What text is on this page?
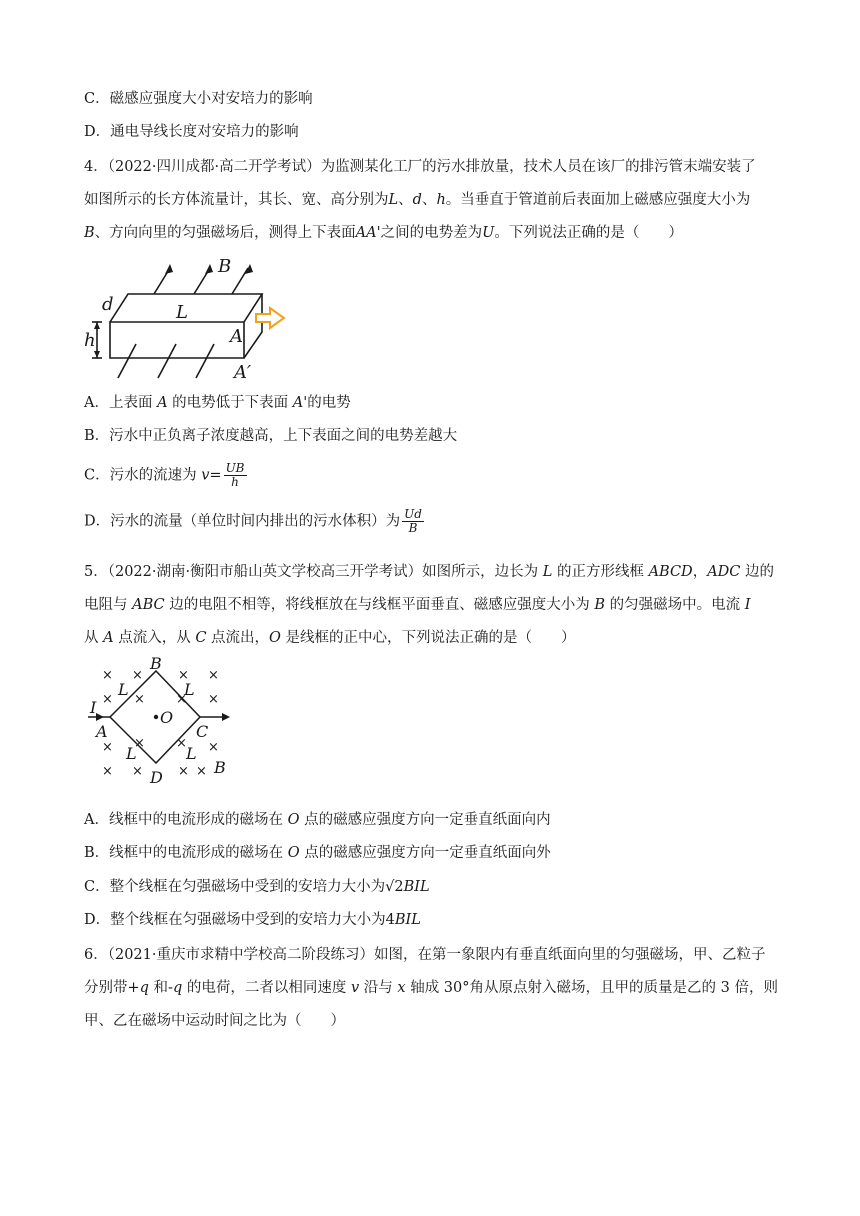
C．磁感应强度大小对安培力的影响
D．通电导线长度对安培力的影响
4．（2022·四川成都·高二开学考试）为监测某化工厂的污水排放量，技术人员在该厂的排污管末端安装了
如图所示的长方体流量计，其长、宽、高分别为L、d、h。当垂直于管道前后表面加上磁感应强度大小为
B、方向向里的匀强磁场后，测得上下表面AA'之间的电势差为U。下列说法正确的是（　　）
B
d	L
h	A
A′
A．上表面 A 的电势低于下表面 A'的电势
B．污水中正负离子浓度越高，上下表面之间的电势差越大
C．污水的流速为 $v= \frac{UB}{h}$
D．污水的流量（单位时间内排出的污水体积）为 $\frac{Ud}{B}$
5．（2022·湖南·衡阳市船山英文学校高三开学考试）如图所示，边长为 L 的正方形线框 ABCD，ADC 边的
电阻与 ABC 边的电阻不相等，将线框放在与线框平面垂直、磁感应强度大小为 B 的匀强磁场中。电流 I
从 A 点流入，从 C 点流出，O 是线框的正中心，下列说法正确的是（　　）
× ×	× ×
× × × ×
× × × ×
× ×	× ×
B
I
A	C
D
O
L	L
L	L
B
A．线框中的电流形成的磁场在 O 点的磁感应强度方向一定垂直纸面向内
B．线框中的电流形成的磁场在 O 点的磁感应强度方向一定垂直纸面向外
C．整个线框在匀强磁场中受到的安培力大小为√2BIL
D．整个线框在匀强磁场中受到的安培力大小为4BIL
6．（2021·重庆市求精中学校高二阶段练习）如图，在第一象限内有垂直纸面向里的匀强磁场，甲、乙粒子
分别带+q 和-q 的电荷，二者以相同速度 v 沿与 x 轴成 30°角从原点射入磁场，且甲的质量是乙的 3 倍，则
甲、乙在磁场中运动时间之比为（　　）
